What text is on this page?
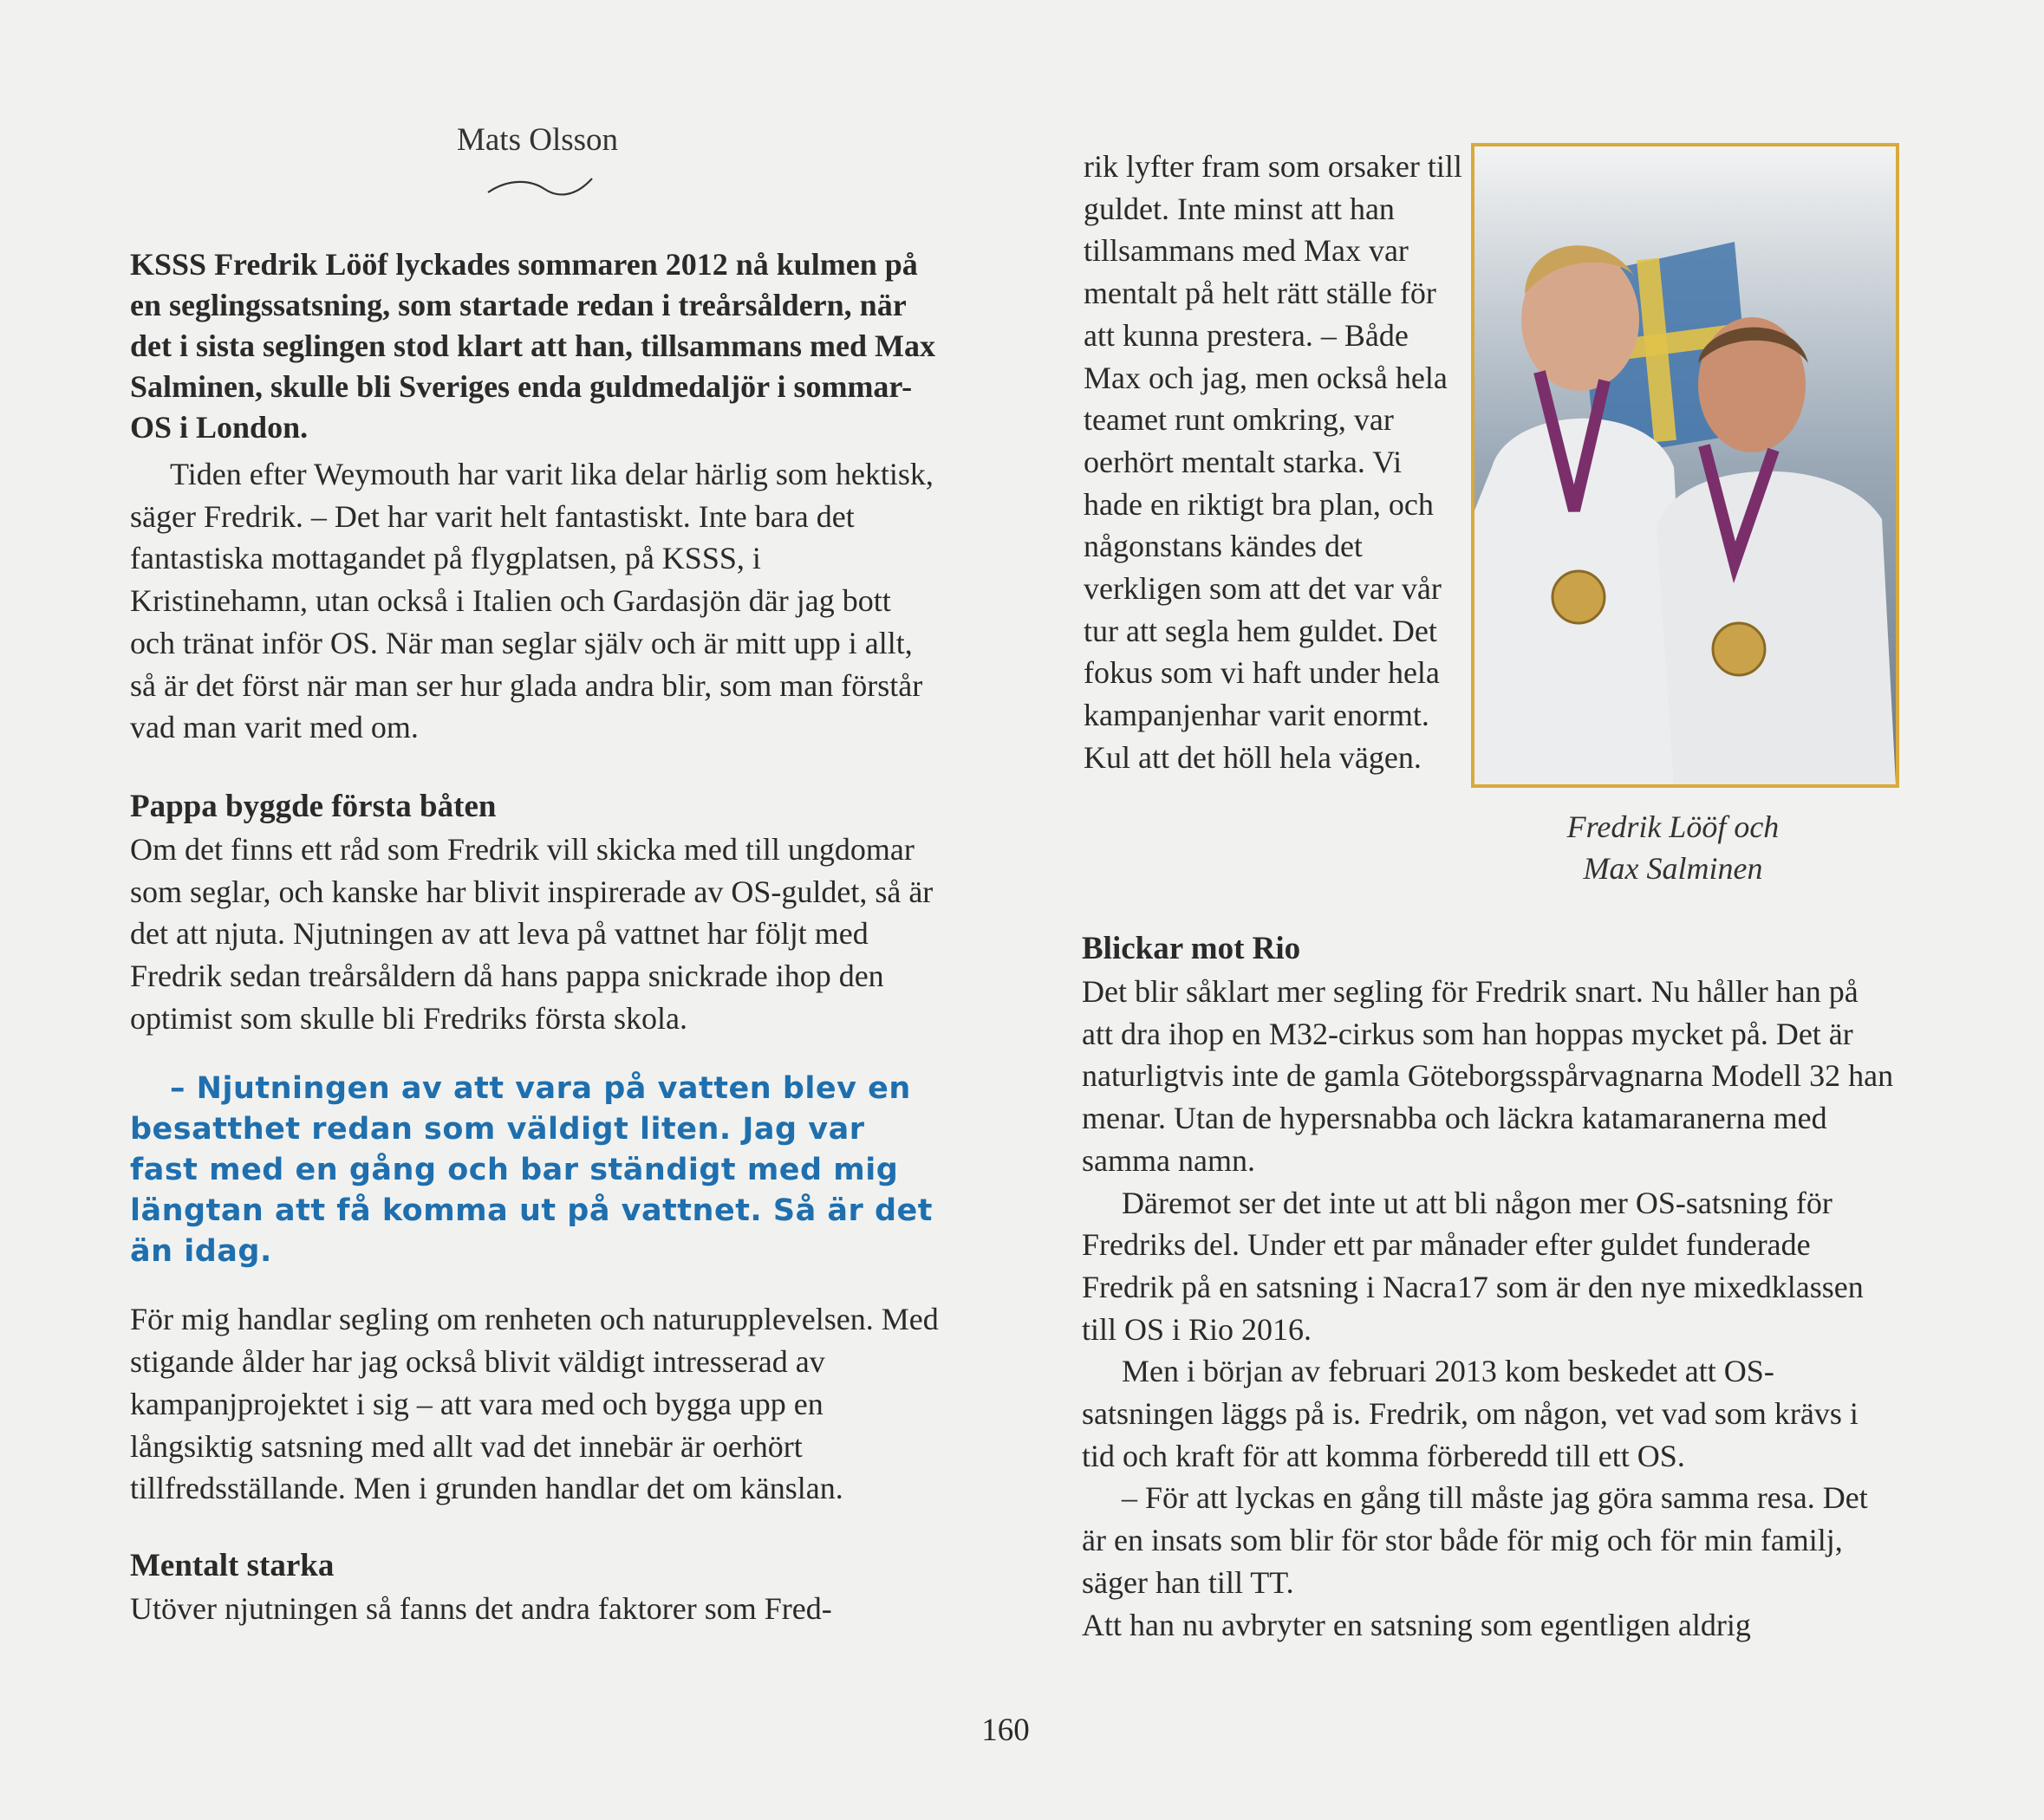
Mats Olsson

KSSS Fredrik Lööf lyckades sommaren 2012 nå kulmen på en seglingssatsning, som startade redan i treårsåldern, när det i sista seglingen stod klart att han, tillsammans med Max Salminen, skulle bli Sveriges enda guldmedaljör i sommar-OS i London.

Tiden efter Weymouth har varit lika delar härlig som hektisk, säger Fredrik. – Det har varit helt fantastiskt. Inte bara det fantastiska mottagandet på flygplatsen, på KSSS, i Kristinehamn, utan också i Italien och Gardasjön där jag bott och tränat inför OS. När man seglar själv och är mitt upp i allt, så är det först när man ser hur glada andra blir, som man förstår vad man varit med om.

Pappa byggde första båten

Om det finns ett råd som Fredrik vill skicka med till ungdomar som seglar, och kanske har blivit inspirerade av OS-guldet, så är det att njuta. Njutningen av att leva på vattnet har följt med Fredrik sedan treårsåldern då hans pappa snickrade ihop den optimist som skulle bli Fredriks första skola.

– Njutningen av att vara på vatten blev en besatthet redan som väldigt liten. Jag var fast med en gång och bar ständigt med mig längtan att få komma ut på vattnet. Så är det än idag.

För mig handlar segling om renheten och naturupplevelsen. Med stigande ålder har jag också blivit väldigt intresserad av kampanjprojektet i sig – att vara med och bygga upp en långsiktig satsning med allt vad det innebär är oerhört tillfredsställande. Men i grunden handlar det om känslan.

Mentalt starka

Utöver njutningen så fanns det andra faktorer som Fred-

rik lyfter fram som orsaker till guldet. Inte minst att han tillsammans med Max var mentalt på helt rätt ställe för att kunna prestera. – Både Max och jag, men också hela teamet runt omkring, var oerhört mentalt starka. Vi hade en riktigt bra plan, och någonstans kändes det verkligen som att det var vår tur att segla hem guldet. Det fokus som vi haft under hela kampanjenhar varit enormt. Kul att det höll hela vägen.

Fredrik Lööf och
Max Salminen
Blickar mot Rio

Det blir såklart mer segling för Fredrik snart. Nu håller han på att dra ihop en M32-cirkus som han hoppas mycket på. Det är naturligtvis inte de gamla Göteborgsspårvagnarna Modell 32 han menar. Utan de hypersnabba och läckra katamaranerna med samma namn.

Däremot ser det inte ut att bli någon mer OS-satsning för Fredriks del. Under ett par månader efter guldet funderade Fredrik på en satsning i Nacra17 som är den nye mixedklassen till OS i Rio 2016.

Men i början av februari 2013 kom beskedet att OS-satsningen läggs på is. Fredrik, om någon, vet vad som krävs i tid och kraft för att komma förberedd till ett OS.

– För att lyckas en gång till måste jag göra samma resa. Det är en insats som blir för stor både för mig och för min familj, säger han till TT.

Att han nu avbryter en satsning som egentligen aldrig

160
